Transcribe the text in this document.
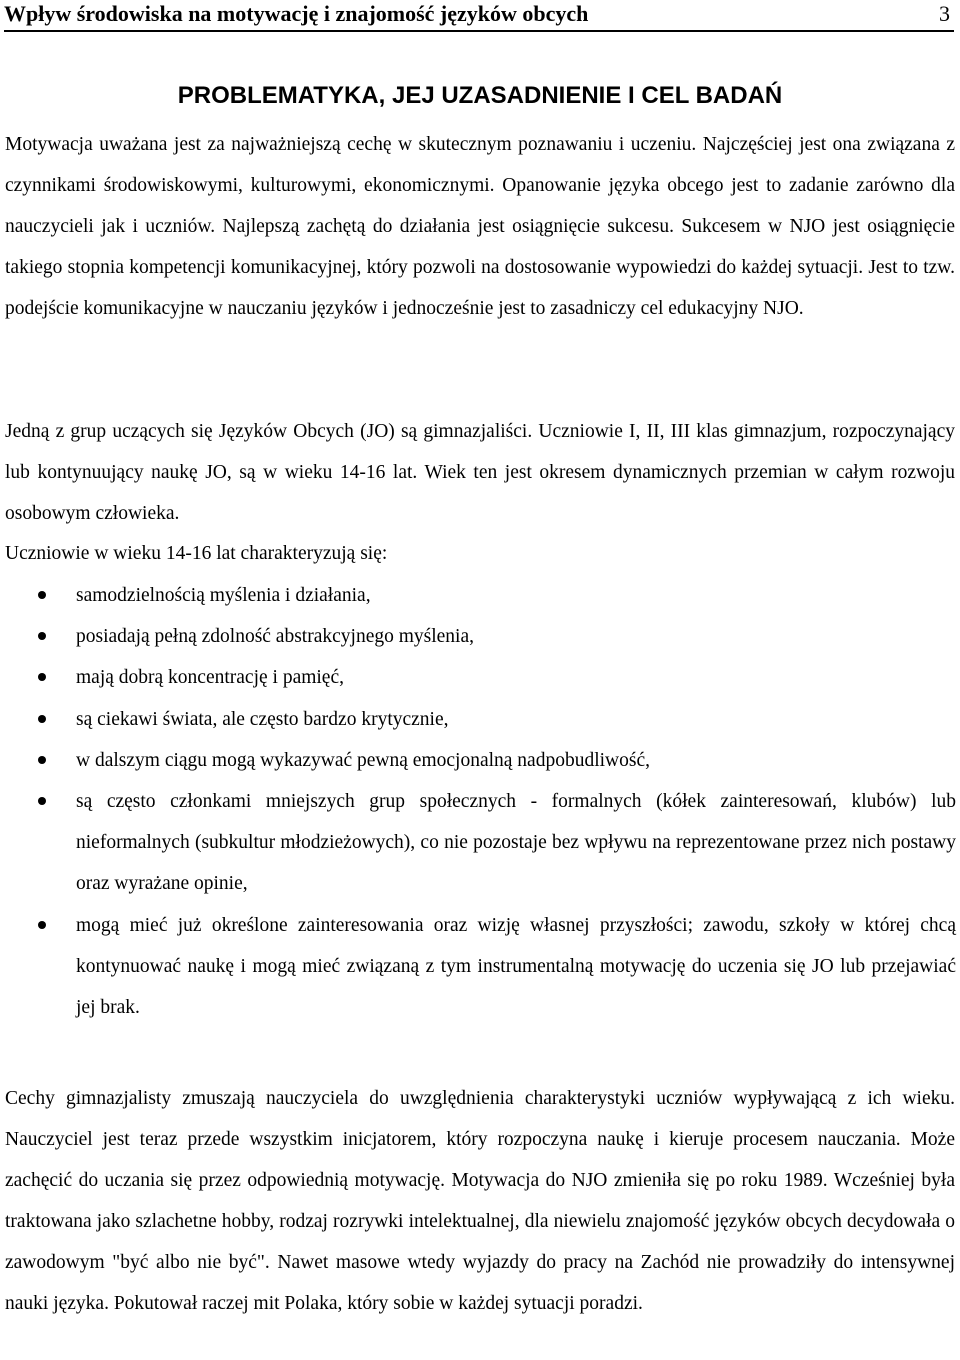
Wpływ środowiska na motywację i znajomość języków obcych	3
PROBLEMATYKA, JEJ UZASADNIENIE I CEL BADAŃ

Motywacja uważana jest za najważniejszą cechę w skutecznym poznawaniu i uczeniu. Najczęściej jest ona związana z czynnikami środowiskowymi, kulturowymi, ekonomicznymi. Opanowanie języka obcego jest to zadanie zarówno dla nauczycieli jak i uczniów. Najlepszą zachętą do działania jest osiągnięcie sukcesu. Sukcesem w NJO jest osiągnięcie takiego stopnia kompetencji komunikacyjnej, który pozwoli na dostosowanie wypowiedzi do każdej sytuacji. Jest to tzw. podejście komunikacyjne w nauczaniu języków i jednocześnie jest to zasadniczy cel edukacyjny NJO.

Jedną z grup uczących się Języków Obcych (JO) są gimnazjaliści. Uczniowie I, II, III klas gimnazjum, rozpoczynający lub kontynuujący naukę JO, są w wieku 14-16 lat. Wiek ten jest okresem dynamicznych przemian w całym rozwoju osobowym człowieka.

Uczniowie w wieku 14-16 lat charakteryzują się:

samodzielnością myślenia i działania,
posiadają pełną zdolność abstrakcyjnego myślenia,
mają dobrą koncentrację i pamięć,
są ciekawi świata, ale często bardzo krytycznie,
w dalszym ciągu mogą wykazywać pewną emocjonalną nadpobudliwość,
są często członkami mniejszych grup społecznych - formalnych (kółek zainteresowań, klubów) lub nieformalnych (subkultur młodzieżowych), co nie pozostaje bez wpływu na reprezentowane przez nich postawy oraz wyrażane opinie,
mogą mieć już określone zainteresowania oraz wizję własnej przyszłości; zawodu, szkoły w której chcą kontynuować naukę i mogą mieć związaną z tym instrumentalną motywację do uczenia się JO lub przejawiać jej brak.

Cechy gimnazjalisty zmuszają nauczyciela do uwzględnienia charakterystyki uczniów wypływającą z ich wieku. Nauczyciel jest teraz przede wszystkim inicjatorem, który rozpoczyna naukę i kieruje procesem nauczania. Może zachęcić do uczania się przez odpowiednią motywację. Motywacja do NJO zmieniła się po roku 1989. Wcześniej była traktowana jako szlachetne hobby, rodzaj rozrywki intelektualnej, dla niewielu znajomość języków obcych decydowała o zawodowym "być albo nie być". Nawet masowe wtedy wyjazdy do pracy na Zachód nie prowadziły do intensywnej nauki języka. Pokutował raczej mit Polaka, który sobie w każdej sytuacji poradzi.
